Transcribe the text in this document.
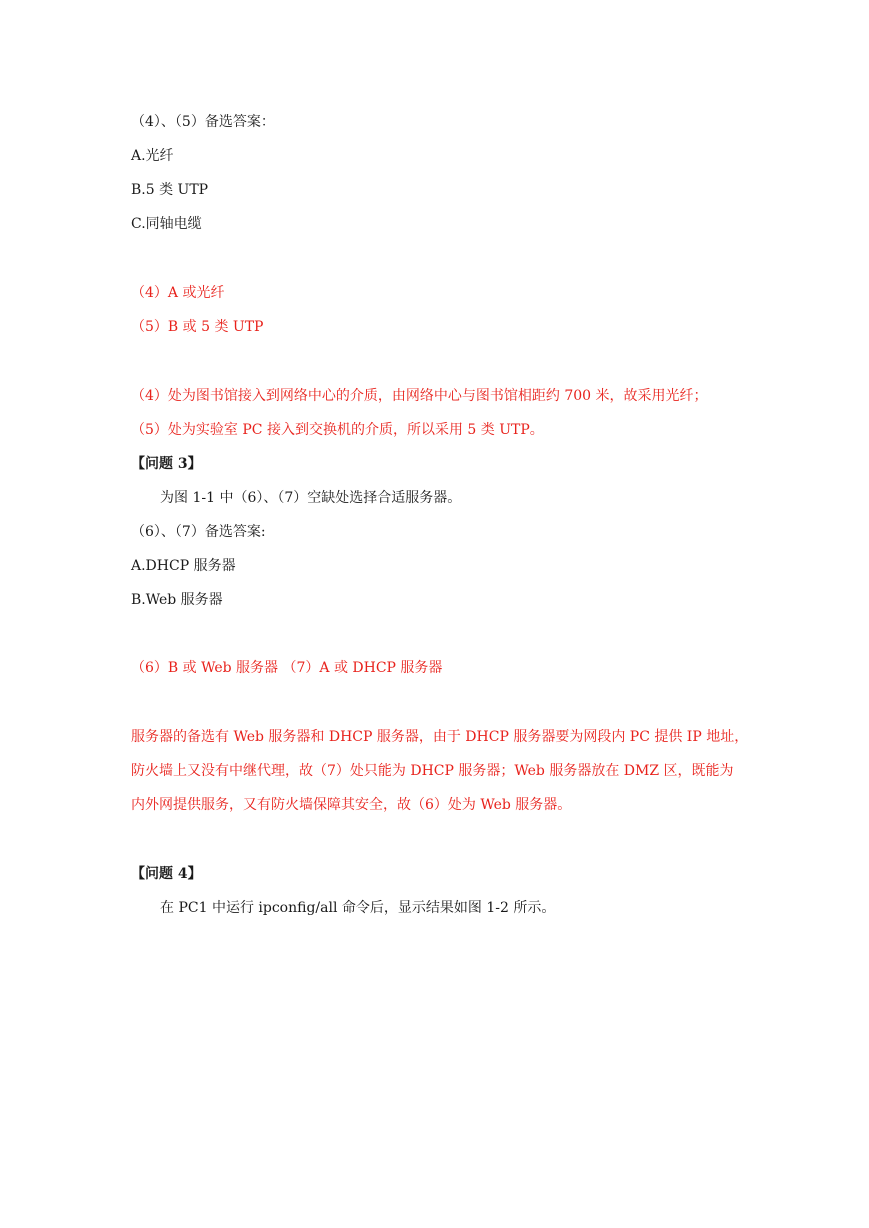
（4）、（5）备选答案：
A.光纤
B.5 类 UTP
C.同轴电缆
（4）A 或光纤
（5）B 或 5 类 UTP
（4）处为图书馆接入到网络中心的介质，由网络中心与图书馆相距约 700 米，故采用光纤；
（5）处为实验室 PC 接入到交换机的介质，所以采用 5 类 UTP。
【问题 3】
为图 1-1 中（6）、（7）空缺处选择合适服务器。
（6）、（7）备选答案:
A.DHCP 服务器
B.Web 服务器
（6）B 或 Web 服务器 （7）A 或 DHCP 服务器
服务器的备选有 Web 服务器和 DHCP 服务器，由于 DHCP 服务器要为网段内 PC 提供 IP 地址，
防火墙上又没有中继代理，故（7）处只能为 DHCP 服务器；Web 服务器放在 DMZ 区，既能为
内外网提供服务，又有防火墙保障其安全，故（6）处为 Web 服务器。
【问题 4】
在 PC1 中运行 ipconfig/all 命令后，显示结果如图 1-2 所示。
